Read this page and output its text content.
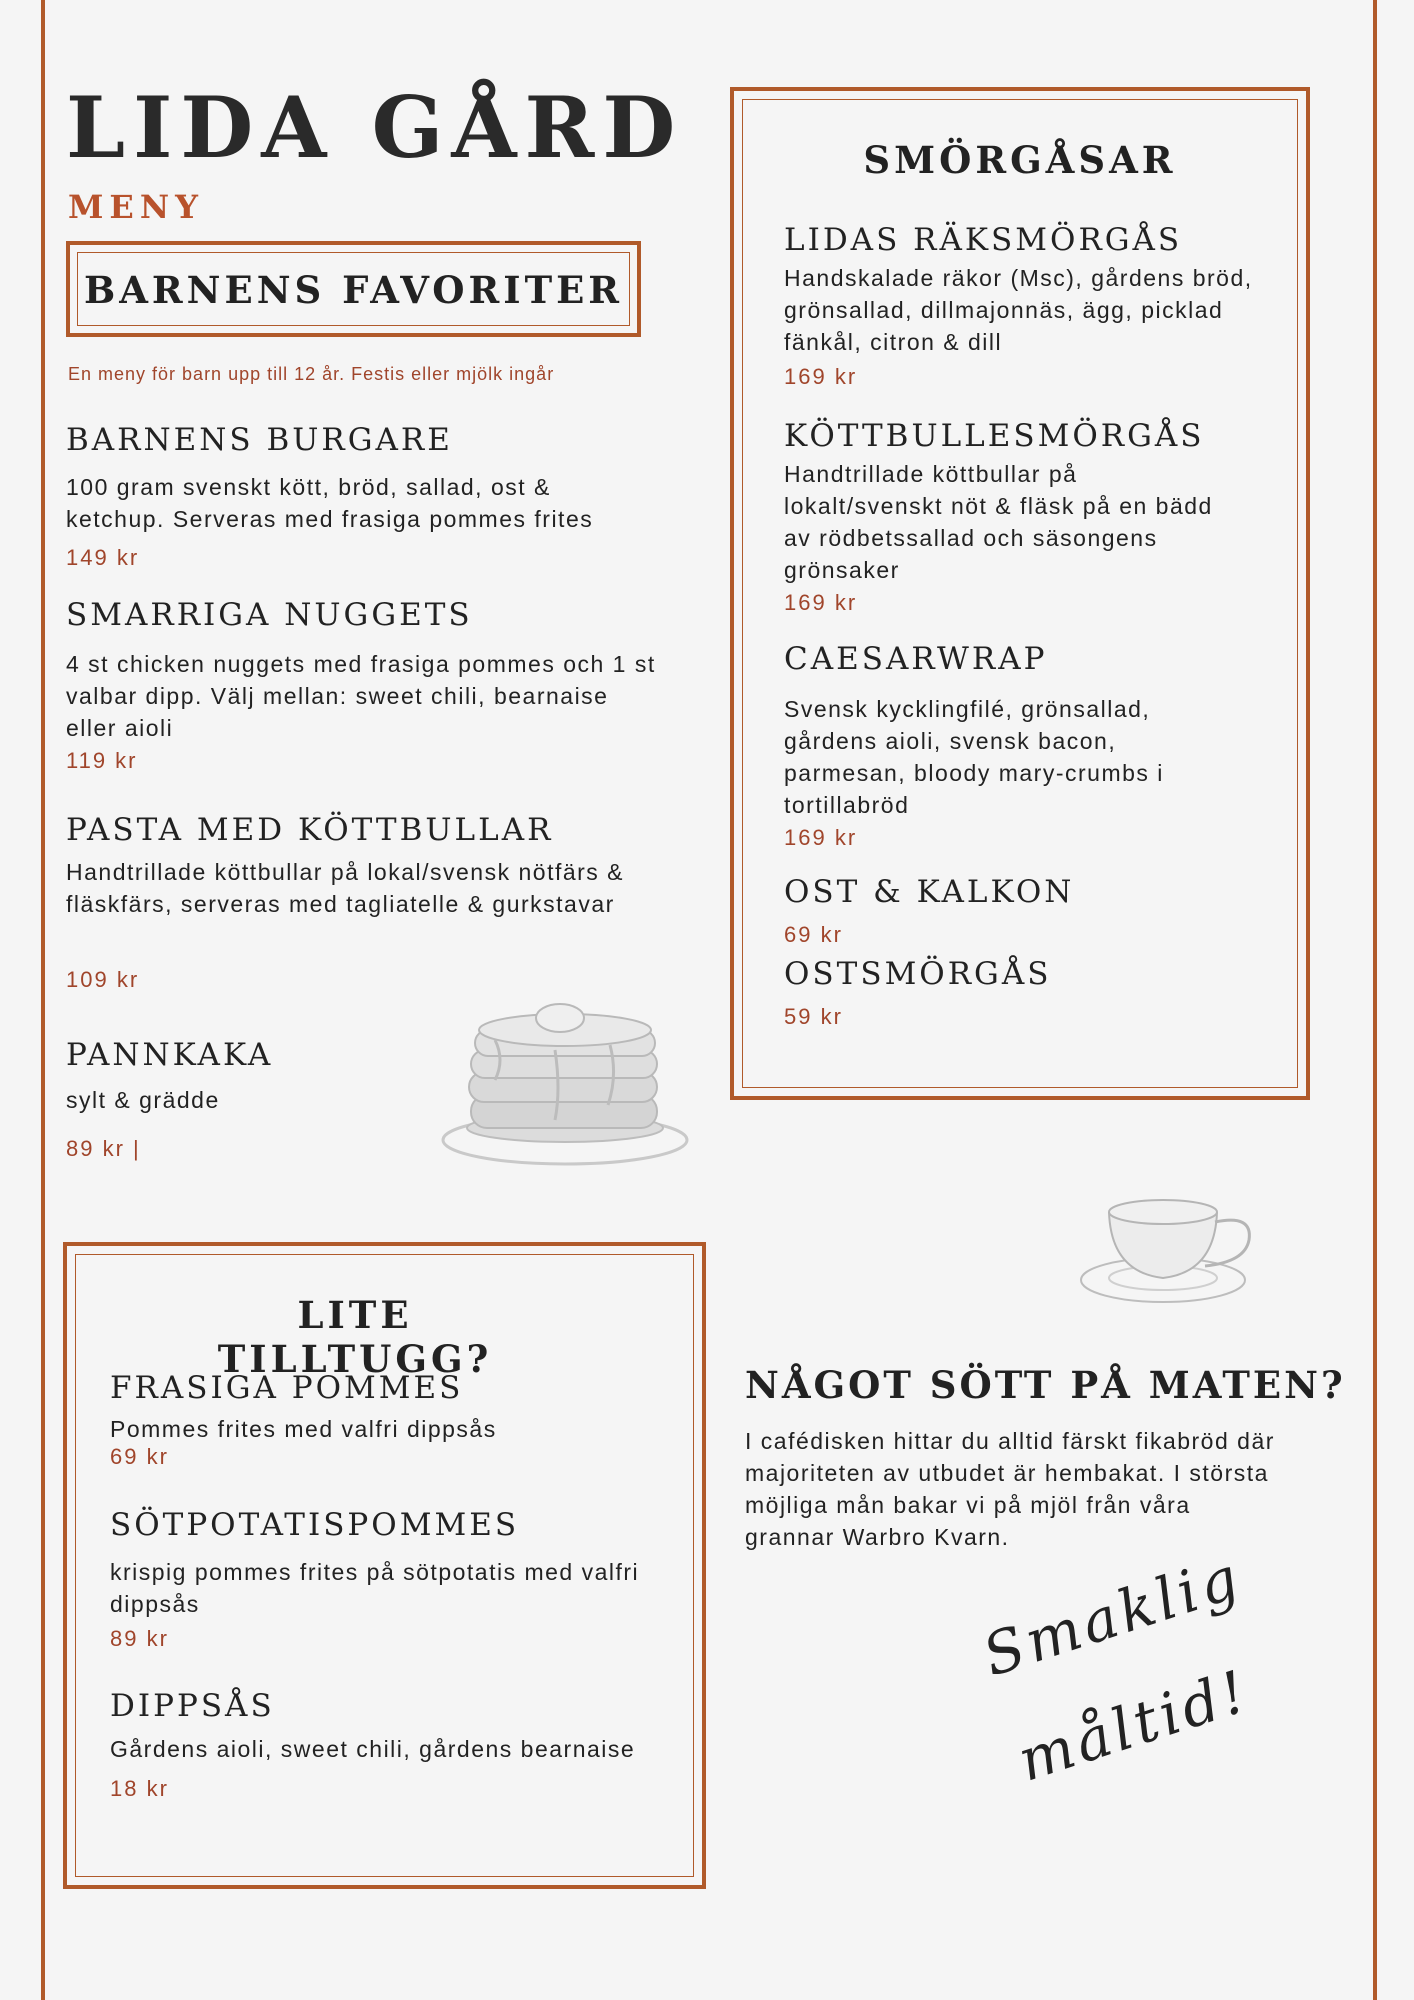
LIDA GÅRD
MENY
BARNENS FAVORITER
En meny för barn upp till 12 år. Festis eller mjölk ingår
BARNENS BURGARE
100 gram svenskt kött, bröd, sallad, ost & ketchup. Serveras med frasiga pommes frites
149 kr
SMARRIGA NUGGETS
4 st chicken nuggets med frasiga pommes och 1 st valbar dipp. Välj mellan: sweet chili, bearnaise eller aioli
119 kr
PASTA MED KÖTTBULLAR
Handtrillade köttbullar på lokal/svensk nötfärs & fläskfärs, serveras med tagliatelle & gurkstavar
109 kr
PANNKAKA
sylt & grädde
89 kr |
SMÖRGÅSAR
LIDAS RÄKSMÖRGÅS
Handskalade räkor (Msc), gårdens bröd, grönsallad, dillmajonnäs, ägg, picklad fänkål, citron & dill
169 kr
KÖTTBULLESMÖRGÅS
Handtrillade köttbullar på lokalt/svenskt nöt & fläsk på en bädd av rödbetssallad och säsongens grönsaker
169 kr
CAESARWRAP
Svensk kycklingfilé, grönsallad, gårdens aioli, svensk bacon, parmesan, bloody mary-crumbs i tortillabröd
169 kr
OST & KALKON
69 kr
OSTSMÖRGÅS
59 kr
LITE TILLTUGG?
FRASIGA POMMES
Pommes frites med valfri dippsås
69 kr
SÖTPOTATISPOMMES
krispig pommes frites på sötpotatis med valfri dippsås
89 kr
DIPPSÅS
Gårdens aioli, sweet chili, gårdens bearnaise
18 kr
NÅGOT SÖTT PÅ MATEN?
I cafédisken hittar du alltid färskt fikabröd där majoriteten av utbudet är hembakat. I största möjliga mån bakar vi på mjöl från våra grannar Warbro Kvarn.
Smaklig
måltid!
